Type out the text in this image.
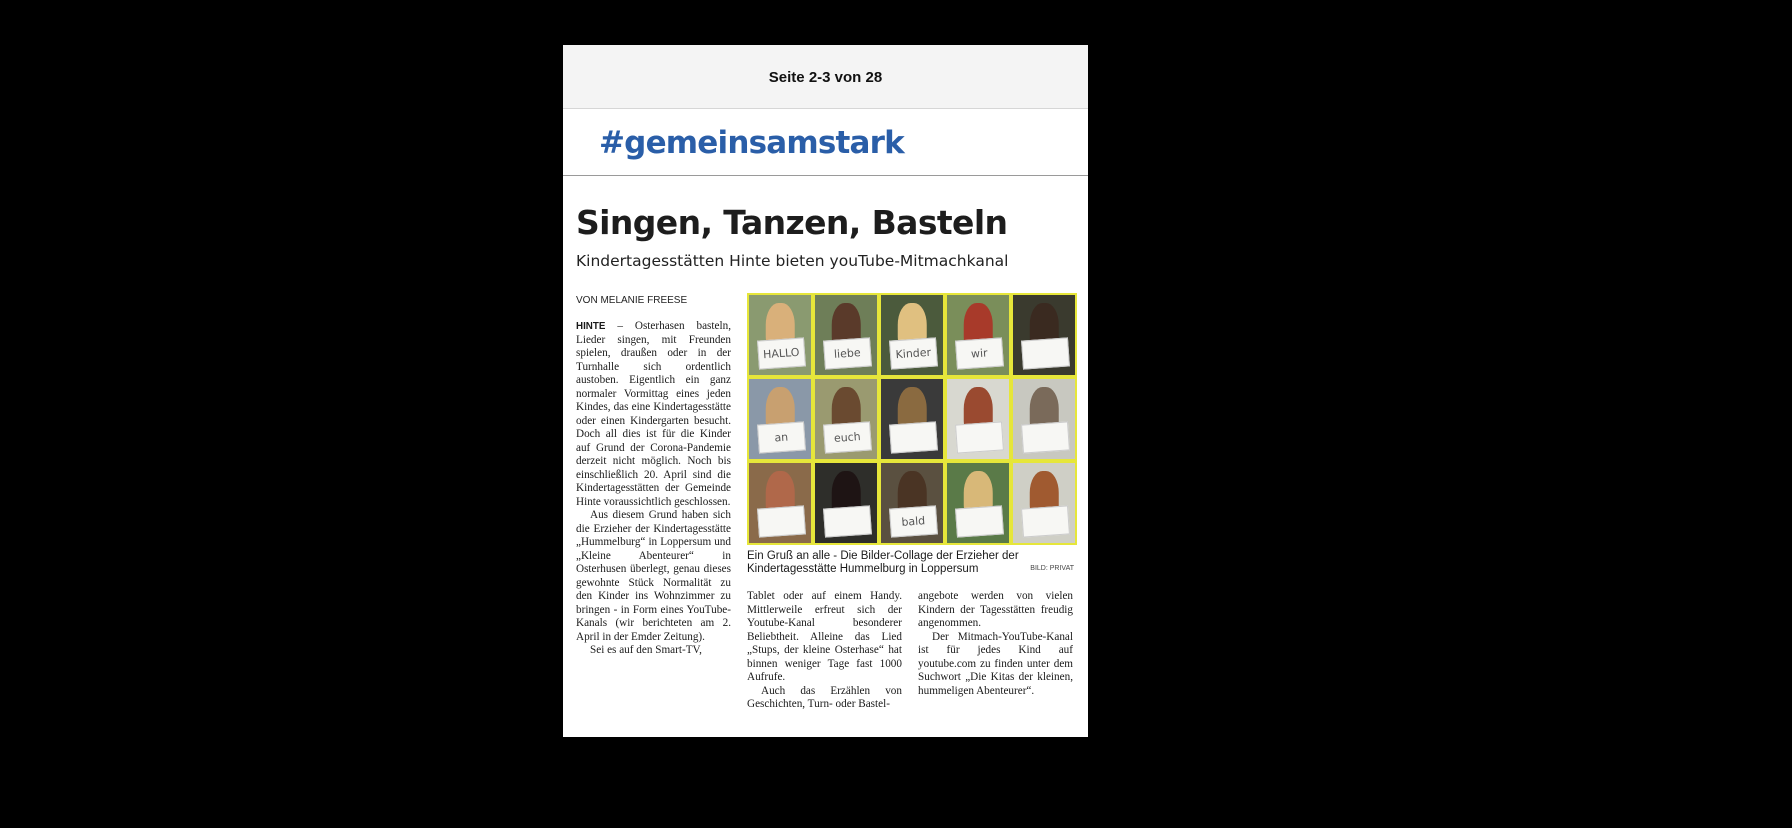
Seite 2-3 von 28
#gemeinsamstark
Singen, Tanzen, Basteln
Kindertagesstätten Hinte bieten youTube-Mitmachkanal
VON MELANIE FREESE

HINTE – Osterhasen basteln, Lieder singen, mit Freunden spielen, draußen oder in der Turnhalle sich ordentlich austoben. Eigentlich ein ganz normaler Vormittag eines jeden Kindes, das eine Kindertagesstätte oder einen Kindergarten besucht. Doch all dies ist für die Kinder auf Grund der Corona-Pandemie derzeit nicht möglich. Noch bis einschließlich 20. April sind die Kindertagesstätten der Gemeinde Hinte voraussichtlich geschlossen.

Aus diesem Grund haben sich die Erzieher der Kindertagesstätte „Hummelburg“ in Loppersum und „Kleine Abenteurer“ in Osterhusen überlegt, genau dieses gewohnte Stück Normalität zu den Kinder ins Wohnzimmer zu bringen - in Form eines YouTube-Kanals (wir berichteten am 2. April in der Emder Zeitung).

Sei es auf den Smart-TV,

HALLO	liebe	Kinder	wir
an	euch
bald
Ein Gruß an alle - Die Bilder-Collage der Erzieher der Kindertagesstätte Hummelburg in Loppersum	BILD: PRIVAT

Tablet oder auf einem Handy. Mittlerweile erfreut sich der Youtube-Kanal besonderer Beliebtheit. Alleine das Lied „Stups, der kleine Osterhase“ hat binnen weniger Tage fast 1000 Aufrufe.

Auch das Erzählen von Geschichten, Turn- oder Bastel-

angebote werden von vielen Kindern der Tagesstätten freudig angenommen.

Der Mitmach-YouTube-Kanal ist für jedes Kind auf youtube.com zu finden unter dem Suchwort „Die Kitas der kleinen, hummeligen Abenteurer“.
